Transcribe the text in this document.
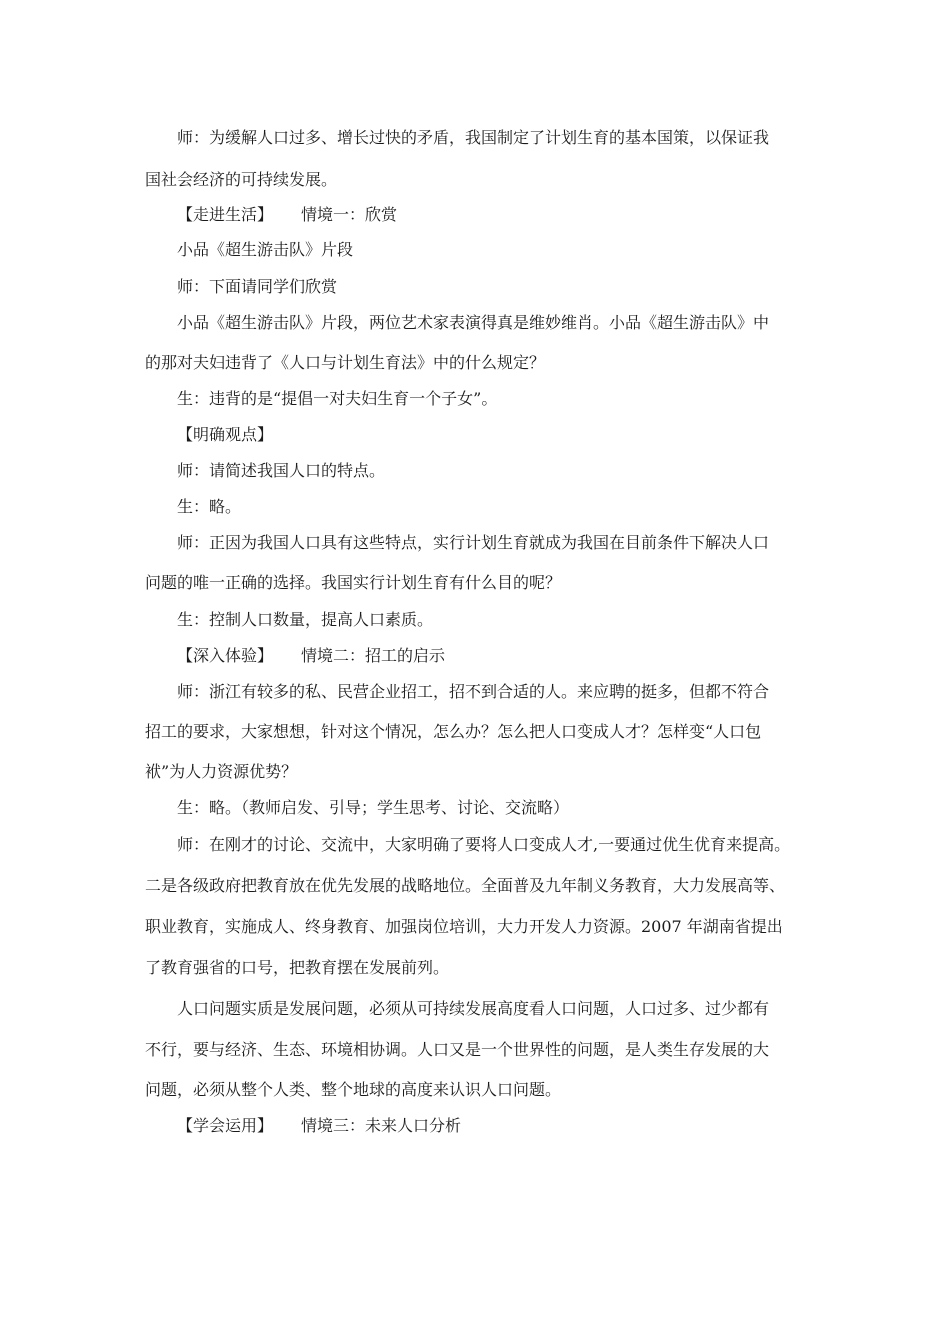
师：为缓解人口过多、增长过快的矛盾，我国制定了计划生育的基本国策，以保证我
国社会经济的可持续发展。
【走进生活】 情境一：欣赏
小品《超生游击队》片段
师：下面请同学们欣赏
小品《超生游击队》片段，两位艺术家表演得真是维妙维肖。小品《超生游击队》中
的那对夫妇违背了《人口与计划生育法》中的什么规定？
生：违背的是“提倡一对夫妇生育一个子女”。
【明确观点】
师：请简述我国人口的特点。
生：略。
师：正因为我国人口具有这些特点，实行计划生育就成为我国在目前条件下解决人口
问题的唯一正确的选择。我国实行计划生育有什么目的呢？
生：控制人口数量，提高人口素质。
【深入体验】 情境二：招工的启示
师：浙江有较多的私、民营企业招工，招不到合适的人。来应聘的挺多，但都不符合
招工的要求，大家想想，针对这个情况，怎么办？怎么把人口变成人才？怎样变“人口包
袱”为人力资源优势？
生：略。（教师启发、引导；学生思考、讨论、交流略）
师：在刚才的讨论、交流中，大家明确了要将人口变成人才,一要通过优生优育来提高。
二是各级政府把教育放在优先发展的战略地位。全面普及九年制义务教育，大力发展高等、
职业教育，实施成人、终身教育、加强岗位培训，大力开发人力资源。2007 年湖南省提出
了教育强省的口号，把教育摆在发展前列。
人口问题实质是发展问题，必须从可持续发展高度看人口问题，人口过多、过少都有
不行，要与经济、生态、环境相协调。人口又是一个世界性的问题，是人类生存发展的大
问题，必须从整个人类、整个地球的高度来认识人口问题。
【学会运用】 情境三：未来人口分析
